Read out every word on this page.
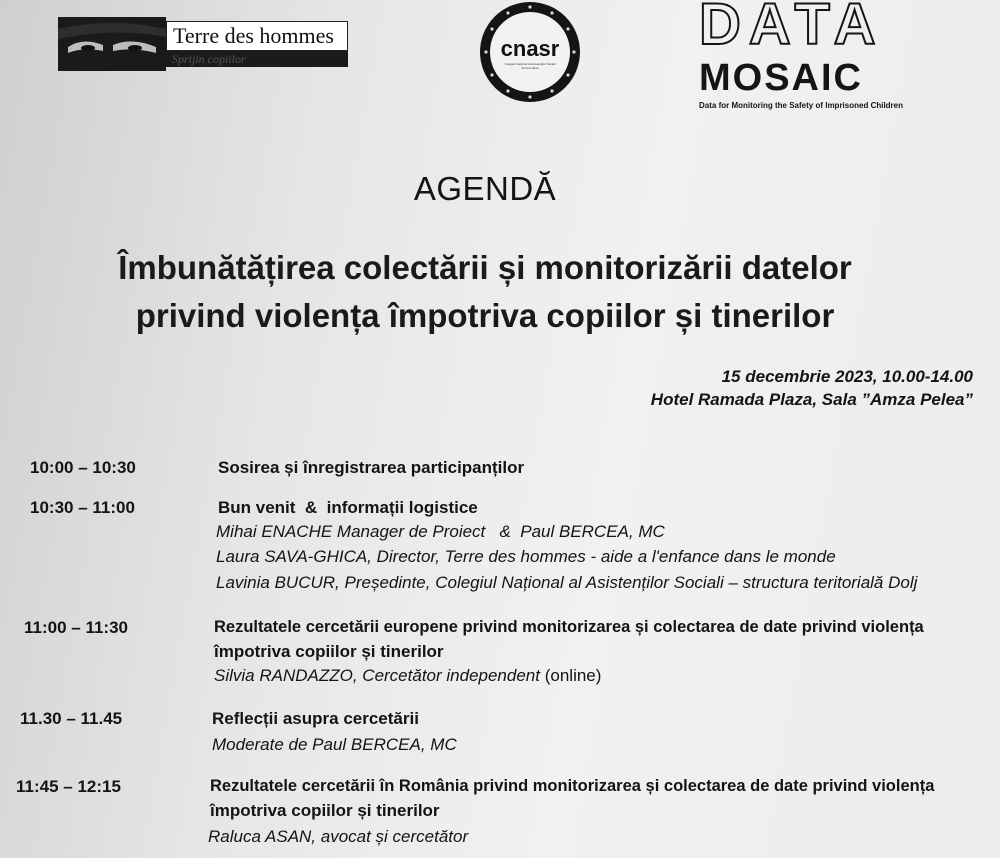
Terre des hommes
Sprijin copiilor	cnasr
Colegiul Național al Asistenților Sociali din România
DATA
MOSAIC
Data for Monitoring the Safety of Imprisoned Children
AGENDĂ
Îmbunătățirea colectării și monitorizării datelor
privind violența împotriva copiilor și tinerilor
15 decembrie 2023, 10.00-14.00
Hotel Ramada Plaza, Sala ”Amza Pelea”
10:00 – 10:30	Sosirea și înregistrarea participanților
10:30 – 11:00	Bun venit  &  informații logistice
Mihai ENACHE Manager de Proiect   &  Paul BERCEA, MC
Laura SAVA-GHICA, Director, Terre des hommes - aide a l'enfance dans le monde
Lavinia BUCUR, Președinte, Colegiul Național al Asistenților Sociali – structura teritorială Dolj
11:00 – 11:30	Rezultatele cercetării europene privind monitorizarea și colectarea de date privind violența
împotriva copiilor și tinerilor
Silvia RANDAZZO, Cercetător independent (online)
11.30 – 11.45	Reflecții asupra cercetării
Moderate de Paul BERCEA, MC
11:45 – 12:15	Rezultatele cercetării în România privind monitorizarea și colectarea de date privind violența
împotriva copiilor și tinerilor
Raluca ASAN, avocat și cercetător
